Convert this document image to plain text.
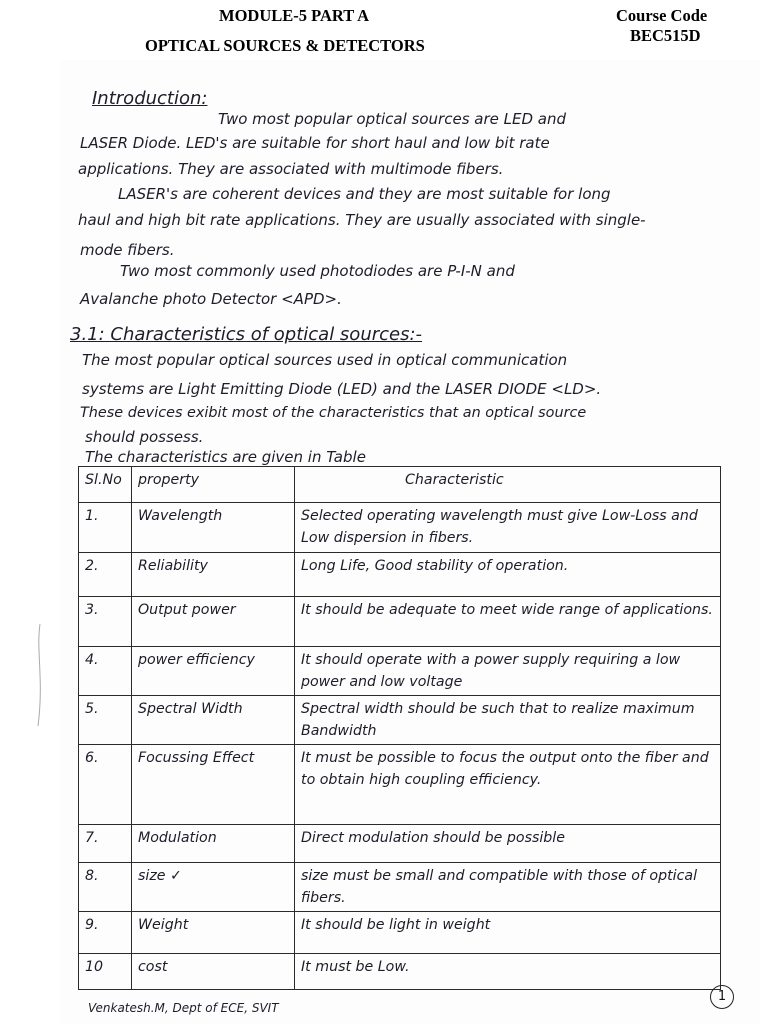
MODULE-5 PART A
OPTICAL SOURCES & DETECTORS
Course Code
BEC515D
Introduction:
Two most popular optical sources are LED and
LASER Diode. LED's are suitable for short haul and low bit rate
applications. They are associated with multimode fibers.
LASER's are coherent devices and they are most suitable for long
haul and high bit rate applications. They are usually associated with single-
mode fibers.
Two most commonly used photodiodes are P-I-N and
Avalanche photo Detector <APD>.
3.1: Characteristics of optical sources:-
The most popular optical sources used in optical communication
systems are Light Emitting Diode (LED) and the LASER DIODE <LD>.
These devices exibit most of the characteristics that an optical source
should possess.
The characteristics are given in Table
Sl.No	property	Characteristic
1.	Wavelength	Selected operating wavelength must give Low-Loss and Low dispersion in fibers.
2.	Reliability	Long Life, Good stability of operation.
3.	Output power	It should be adequate to meet wide range of applications.
4.	power efficiency	It should operate with a power supply requiring a low power and low voltage
5.	Spectral Width	Spectral width should be such that to realize maximum Bandwidth
6.	Focussing Effect	It must be possible to focus the output onto the fiber and to obtain high coupling efficiency.
7.	Modulation	Direct modulation should be possible
8.	size ✓	size must be small and compatible with those of optical fibers.
9.	Weight	It should be light in weight
10	cost	It must be Low.
Venkatesh.M, Dept of ECE, SVIT
1
